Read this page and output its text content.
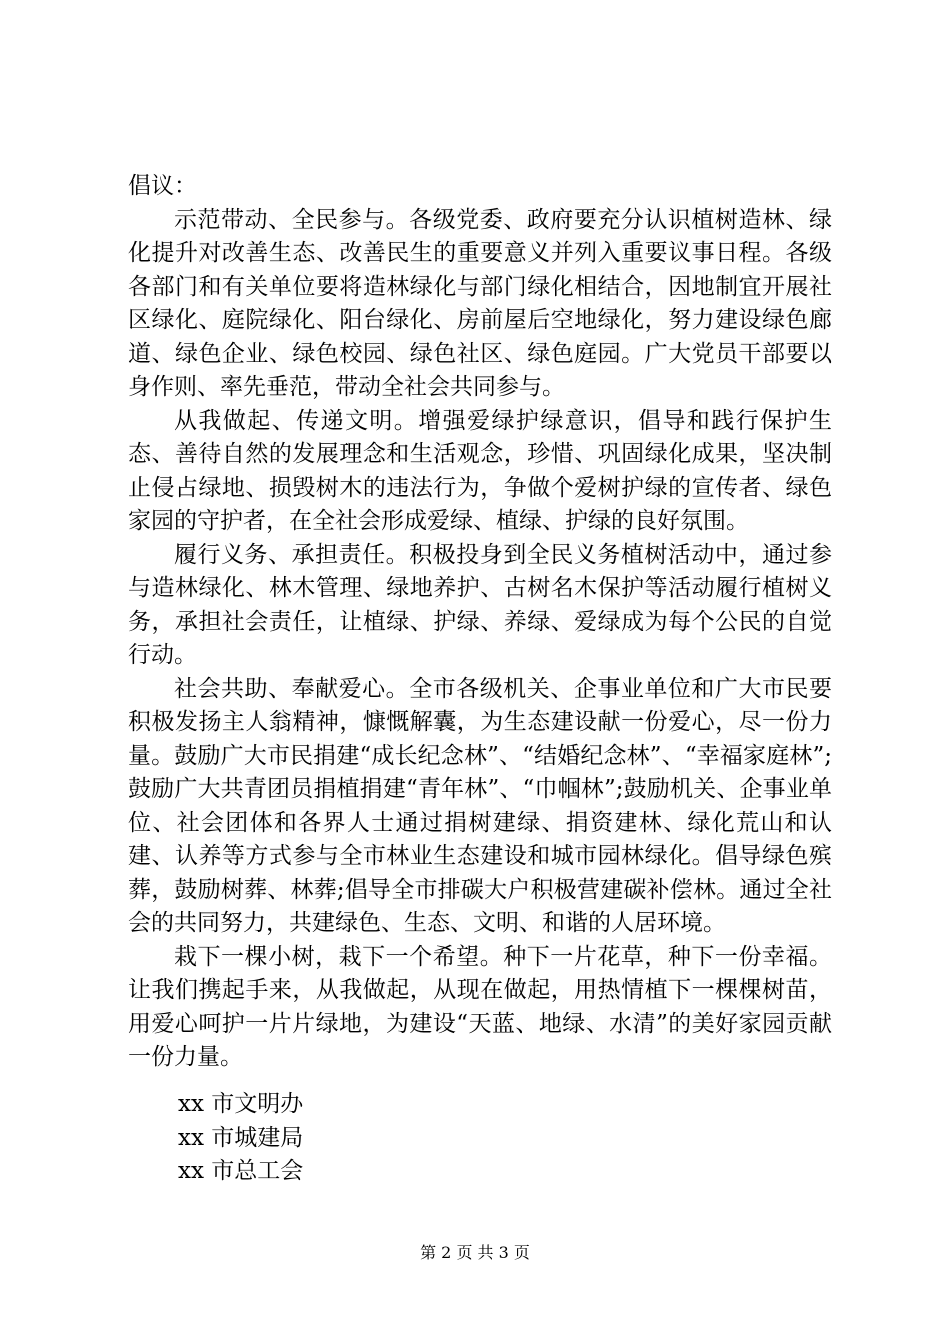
倡议：

示范带动、全民参与。各级党委、政府要充分认识植树造林、绿化提升对改善生态、改善民生的重要意义并列入重要议事日程。各级各部门和有关单位要将造林绿化与部门绿化相结合，因地制宜开展社区绿化、庭院绿化、阳台绿化、房前屋后空地绿化，努力建设绿色廊道、绿色企业、绿色校园、绿色社区、绿色庭园。广大党员干部要以身作则、率先垂范，带动全社会共同参与。

从我做起、传递文明。增强爱绿护绿意识，倡导和践行保护生态、善待自然的发展理念和生活观念，珍惜、巩固绿化成果，坚决制止侵占绿地、损毁树木的违法行为，争做个爱树护绿的宣传者、绿色家园的守护者，在全社会形成爱绿、植绿、护绿的良好氛围。

履行义务、承担责任。积极投身到全民义务植树活动中，通过参与造林绿化、林木管理、绿地养护、古树名木保护等活动履行植树义务，承担社会责任，让植绿、护绿、养绿、爱绿成为每个公民的自觉行动。

社会共助、奉献爱心。全市各级机关、企事业单位和广大市民要积极发扬主人翁精神，慷慨解囊，为生态建设献一份爱心，尽一份力量。鼓励广大市民捐建“成长纪念林”、“结婚纪念林”、“幸福家庭林”;鼓励广大共青团员捐植捐建“青年林”、“巾帼林”;鼓励机关、企事业单位、社会团体和各界人士通过捐树建绿、捐资建林、绿化荒山和认建、认养等方式参与全市林业生态建设和城市园林绿化。倡导绿色殡葬，鼓励树葬、林葬;倡导全市排碳大户积极营建碳补偿林。通过全社会的共同努力，共建绿色、生态、文明、和谐的人居环境。

栽下一棵小树，栽下一个希望。种下一片花草，种下一份幸福。让我们携起手来，从我做起，从现在做起，用热情植下一棵棵树苗，用爱心呵护一片片绿地，为建设“天蓝、地绿、水清”的美好家园贡献一份力量。

xx 市文明办
xx 市城建局
xx 市总工会
第 2 页 共 3 页
